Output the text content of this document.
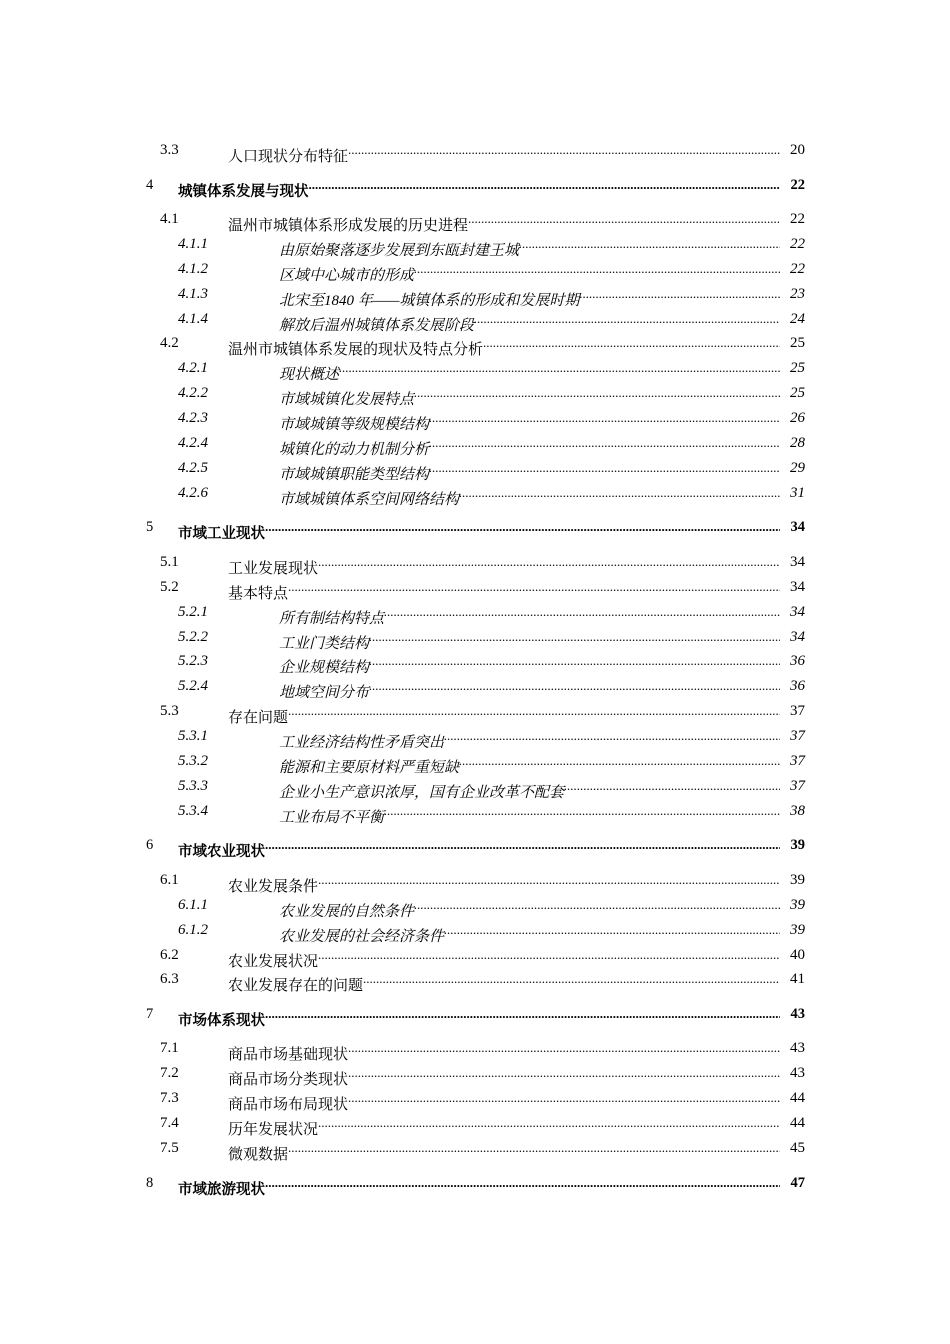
3.3	人口现状分布特征 .....	20
4 城镇体系发展与现状 .....	22
4.1	温州市城镇体系形成发展的历史进程 .....	22
4.1.1	由原始聚落逐步发展到东瓯封建王城 .....	22
4.1.2	区域中心城市的形成 .....	22
4.1.3	北宋至1840 年——城镇体系的形成和发展时期 .....	23
4.1.4	解放后温州城镇体系发展阶段 .....	24
4.2	温州市城镇体系发展的现状及特点分析 .....	25
4.2.1	现状概述 .....	25
4.2.2	市域城镇化发展特点 .....	25
4.2.3	市域城镇等级规模结构 .....	26
4.2.4	城镇化的动力机制分析 .....	28
4.2.5	市域城镇职能类型结构 .....	29
4.2.6	市域城镇体系空间网络结构 .....	31
5 市域工业现状 .....	34
5.1	工业发展现状 .....	34
5.2	基本特点 .....	34
5.2.1	所有制结构特点 .....	34
5.2.2	工业门类结构 .....	34
5.2.3	企业规模结构 .....	36
5.2.4	地域空间分布 .....	36
5.3	存在问题 .....	37
5.3.1	工业经济结构性矛盾突出 .....	37
5.3.2	能源和主要原材料严重短缺 .....	37
5.3.3	企业小生产意识浓厚，国有企业改革不配套 .....	37
5.3.4	工业布局不平衡 .....	38
6 市域农业现状 .....	39
6.1	农业发展条件 .....	39
6.1.1	农业发展的自然条件 .....	39
6.1.2	农业发展的社会经济条件 .....	39
6.2	农业发展状况 .....	40
6.3	农业发展存在的问题 .....	41
7 市场体系现状 .....	43
7.1	商品市场基础现状 .....	43
7.2	商品市场分类现状 .....	43
7.3	商品市场布局现状 .....	44
7.4	历年发展状况 .....	44
7.5	微观数据 .....	45
8 市域旅游现状 .....	47
